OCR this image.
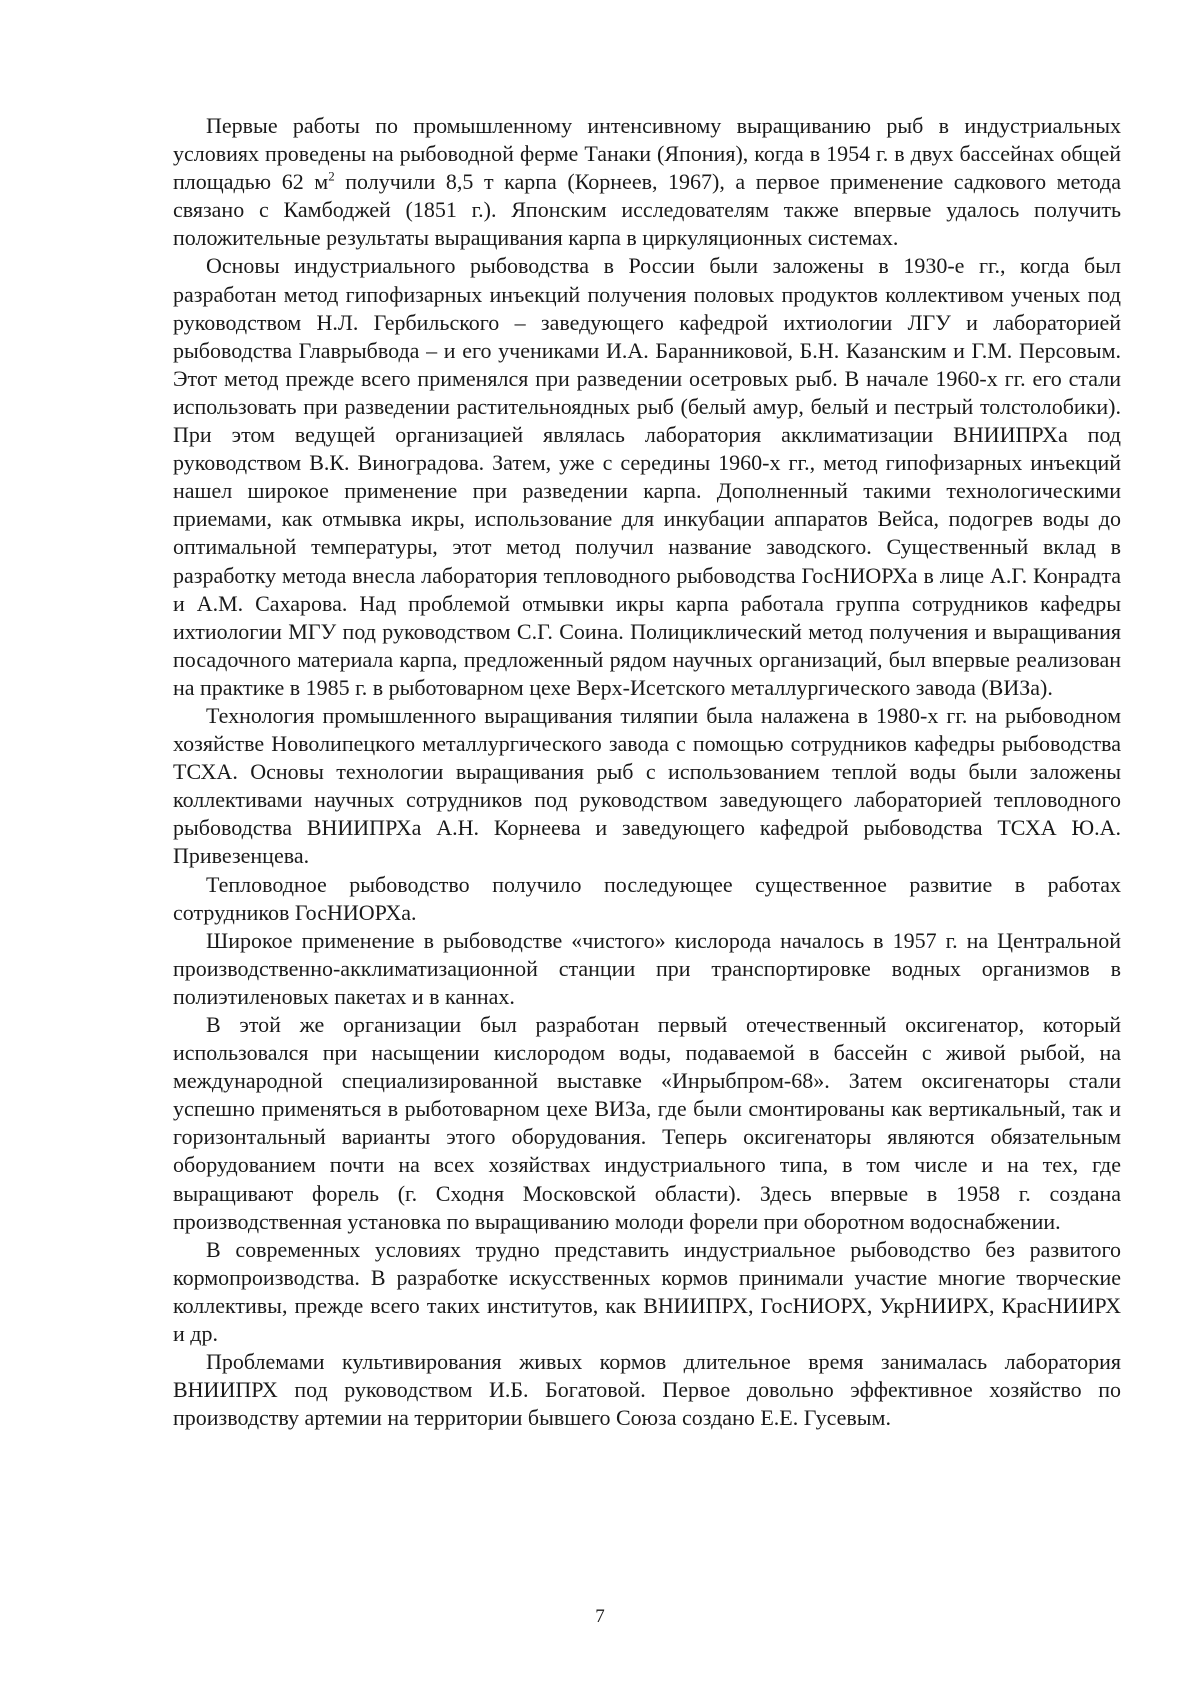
Первые работы по промышленному интенсивному выращиванию рыб в индустриальных условиях проведены на рыбоводной ферме Танаки (Япония), когда в 1954 г. в двух бассейнах общей площадью 62 $м^2$ получили 8,5 т карпа (Корнеев, 1967), а первое применение садкового метода связано с Камбоджей (1851 г.). Японским исследователям также впервые удалось получить положительные результаты выращивания карпа в циркуляционных системах.

Основы индустриального рыбоводства в России были заложены в 1930-е гг., когда был разработан метод гипофизарных инъекций получения половых продуктов коллективом ученых под руководством Н.Л. Гербильского – заведующего кафедрой ихтиологии ЛГУ и лабораторией рыбоводства Главрыбвода – и его учениками И.А. Баранниковой, Б.Н. Казанским и Г.М. Персовым. Этот метод прежде всего применялся при разведении осетровых рыб. В начале 1960-х гг. его стали использовать при разведении растительноядных рыб (белый амур, белый и пестрый толстолобики). При этом ведущей организацией являлась лаборатория акклиматизации ВНИИПРХа под руководством В.К. Виноградова. Затем, уже с середины 1960-х гг., метод гипофизарных инъекций нашел широкое применение при разведении карпа. Дополненный такими технологическими приемами, как отмывка икры, использование для инкубации аппаратов Вейса, подогрев воды до оптимальной температуры, этот метод получил название заводского. Существенный вклад в разработку метода внесла лаборатория тепловодного рыбоводства ГосНИОРХа в лице А.Г. Конрадта и А.М. Сахарова. Над проблемой отмывки икры карпа работала группа сотрудников кафедры ихтиологии МГУ под руководством С.Г. Соина. Полициклический метод получения и выращивания посадочного материала карпа, предложенный рядом научных организаций, был впервые реализован на практике в 1985 г. в рыботоварном цехе Верх-Исетского металлургического завода (ВИЗа).

Технология промышленного выращивания тиляпии была налажена в 1980-х гг. на рыбоводном хозяйстве Новолипецкого металлургического завода с помощью сотрудников кафедры рыбоводства ТСХА. Основы технологии выращивания рыб с использованием теплой воды были заложены коллективами научных сотрудников под руководством заведующего лабораторией тепловодного рыбоводства ВНИИПРХа А.Н. Корнеева и заведующего кафедрой рыбоводства ТСХА Ю.А. Привезенцева.

Тепловодное рыбоводство получило последующее существенное развитие в работах сотрудников ГосНИОРХа.

Широкое применение в рыбоводстве «чистого» кислорода началось в 1957 г. на Центральной производственно-акклиматизационной станции при транспортировке водных организмов в полиэтиленовых пакетах и в каннах.

В этой же организации был разработан первый отечественный оксигенатор, который использовался при насыщении кислородом воды, подаваемой в бассейн с живой рыбой, на международной специализированной выставке «Инрыбпром-68». Затем оксигенаторы стали успешно применяться в рыботоварном цехе ВИЗа, где были смонтированы как вертикальный, так и горизонтальный варианты этого оборудования. Теперь оксигенаторы являются обязательным оборудованием почти на всех хозяйствах индустриального типа, в том числе и на тех, где выращивают форель (г. Сходня Московской области). Здесь впервые в 1958 г. создана производственная установка по выращиванию молоди форели при оборотном водоснабжении.

В современных условиях трудно представить индустриальное рыбоводство без развитого кормопроизводства. В разработке искусственных кормов принимали участие многие творческие коллективы, прежде всего таких институтов, как ВНИИПРХ, ГосНИОРХ, УкрНИИРХ, КрасНИИРХ и др.

Проблемами культивирования живых кормов длительное время занималась лаборатория ВНИИПРХ под руководством И.Б. Богатовой. Первое довольно эффективное хозяйство по производству артемии на территории бывшего Союза создано Е.Е. Гусевым.

7
